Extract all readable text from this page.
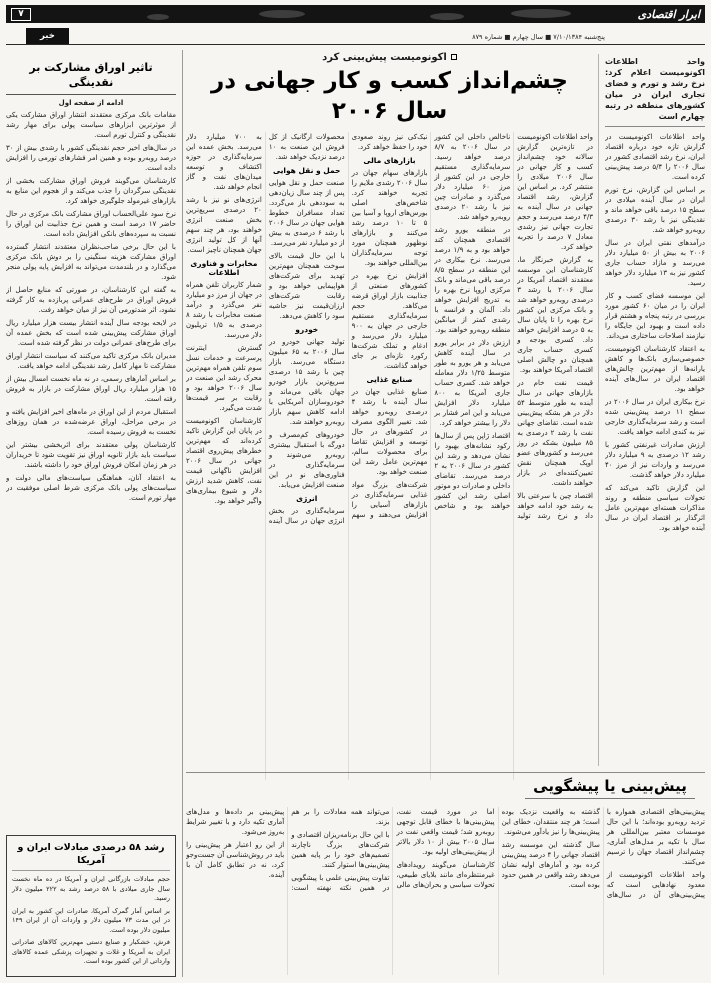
ابرار اقتصادی
۷
پنج‌شنبه ۷/۱۰/۱۳۸۴ ■ سال چهارم ■ شماره ۸۷۹
خبر

واحد اطلاعات اکونومیست اعلام کرد: نرخ رشد و تورم و فضای تجاری ایران در میان کشورهای منطقه در رتبه چهارم است

واحد اطلاعات اکونومیست در گزارش تازه خود درباره اقتصاد ایران، نرخ رشد اقتصادی کشور در سال ۲۰۰۶ را ۵/۴ درصد پیش‌بینی کرده است.

بر اساس این گزارش، نرخ تورم ایران در سال آینده میلادی در سطح ۱۵ درصد باقی خواهد ماند و نقدینگی نیز با رشد ۳۰ درصدی روبه‌رو خواهد شد.

درآمدهای نفتی ایران در سال ۲۰۰۶ به بیش از ۵۰ میلیارد دلار می‌رسد و مازاد حساب جاری کشور نیز به ۱۳ میلیارد دلار خواهد رسید.

این موسسه فضای کسب و کار ایران را در میان ۶۰ کشور مورد بررسی در رتبه پنجاه و هشتم قرار داده است و بهبود این جایگاه را نیازمند اصلاحات ساختاری می‌داند.

به اعتقاد کارشناسان اکونومیست، خصوصی‌سازی بانک‌ها و کاهش یارانه‌ها از مهم‌ترین چالش‌های اقتصاد ایران در سال‌های آینده خواهد بود.

نرخ بیکاری ایران در سال ۲۰۰۶ در سطح ۱۱ درصد پیش‌بینی شده است و رشد سرمایه‌گذاری خارجی نیز به کندی ادامه خواهد یافت.

ارزش صادرات غیرنفتی کشور با رشد ۱۲ درصدی به ۹ میلیارد دلار می‌رسد و واردات نیز از مرز ۴۰ میلیارد دلار خواهد گذشت.

این گزارش تاکید می‌کند که تحولات سیاسی منطقه و روند مذاکرات هسته‌ای مهم‌ترین عامل اثرگذار بر اقتصاد ایران در سال آینده خواهد بود.

اکونومیست پیش‌بینی کرد
چشم‌انداز کسب و کار جهانی در سال ۲۰۰۶

واحد اطلاعات اکونومیست در تازه‌ترین گزارش سالانه خود چشم‌انداز کسب و کار جهانی در سال ۲۰۰۶ میلادی را منتشر کرد. بر اساس این گزارش، رشد اقتصاد جهانی در سال آینده به ۴/۳ درصد می‌رسد و حجم تجارت جهانی نیز رشدی معادل ۷ درصد را تجربه خواهد کرد.

به گزارش خبرنگار ما، کارشناسان این موسسه معتقدند اقتصاد آمریکا در سال ۲۰۰۶ با رشد ۳ درصدی روبه‌رو خواهد شد و بانک مرکزی این کشور نرخ بهره را تا پایان سال به ۵ درصد افزایش خواهد داد. کسری بودجه و کسری حساب جاری همچنان دو چالش اصلی اقتصاد آمریکا خواهند بود.

قیمت نفت خام در بازارهای جهانی در سال آینده به طور متوسط ۵۴ دلار در هر بشکه پیش‌بینی شده است. تقاضای جهانی نفت با رشد ۲ درصدی به ۸۵ میلیون بشکه در روز می‌رسد و کشورهای عضو اوپک همچنان نقش تعیین‌کننده‌ای در بازار خواهند داشت.

اقتصاد چین با سرعتی بالا به رشد خود ادامه خواهد داد و نرخ رشد تولید ناخالص داخلی این کشور در سال ۲۰۰۶ به ۸/۷ درصد خواهد رسید. سرمایه‌گذاری مستقیم خارجی در این کشور از مرز ۶۰ میلیارد دلار می‌گذرد و صادرات چین نیز با رشد ۲۰ درصدی روبه‌رو خواهد شد.

در منطقه یورو رشد اقتصادی همچنان کند خواهد بود و به ۱/۹ درصد می‌رسد. نرخ بیکاری در این منطقه در سطح ۸/۵ درصد باقی می‌ماند و بانک مرکزی اروپا نرخ بهره را به تدریج افزایش خواهد داد. آلمان و فرانسه با رشدی کمتر از میانگین منطقه روبه‌رو خواهند بود.

ارزش دلار در برابر یورو در سال آینده کاهش می‌یابد و هر یورو به طور متوسط ۱/۲۵ دلار معامله خواهد شد. کسری حساب جاری آمریکا به ۸۰۰ میلیارد دلار افزایش می‌یابد و این امر فشار بر دلار را بیشتر خواهد کرد.

اقتصاد ژاپن پس از سال‌ها رکود نشانه‌های بهبود را نشان می‌دهد و رشد این کشور در سال ۲۰۰۶ به ۲ درصد می‌رسد. تقاضای داخلی و صادرات دو موتور اصلی رشد این کشور خواهند بود و شاخص نیک‌کی نیز روند صعودی خود را حفظ خواهد کرد.

بازارهای مالی

بازارهای سهام جهان در سال ۲۰۰۶ رشدی ملایم را تجربه خواهند کرد. شاخص‌های اصلی بورس‌های اروپا و آسیا بین ۵ تا ۱۰ درصد رشد می‌کنند و بازارهای نوظهور همچنان مورد توجه سرمایه‌گذاران بین‌المللی خواهند بود.

افزایش نرخ بهره در کشورهای صنعتی از جذابیت بازار اوراق قرضه می‌کاهد. حجم سرمایه‌گذاری مستقیم خارجی در جهان به ۹۰۰ میلیارد دلار می‌رسد و ادغام و تملک شرکت‌ها رکورد تازه‌ای بر جای خواهد گذاشت.

صنایع غذایی

صنایع غذایی جهان در سال آینده با رشد ۴ درصدی روبه‌رو خواهد شد. تغییر الگوی مصرف در کشورهای در حال توسعه و افزایش تقاضا برای محصولات سالم، مهم‌ترین عامل رشد این صنعت خواهد بود.

شرکت‌های بزرگ مواد غذایی سرمایه‌گذاری در بازارهای آسیایی را افزایش می‌دهند و سهم محصولات ارگانیک از کل فروش این صنعت به ۱۰ درصد نزدیک خواهد شد.

حمل و نقل هوایی

صنعت حمل و نقل هوایی پس از چند سال زیان‌دهی به سوددهی باز می‌گردد. تعداد مسافران خطوط هوایی جهان در سال ۲۰۰۶ با رشد ۶ درصدی به بیش از دو میلیارد نفر می‌رسد.

با این حال قیمت بالای سوخت همچنان مهم‌ترین تهدید برای شرکت‌های هواپیمایی خواهد بود و رقابت شرکت‌های ارزان‌قیمت نیز حاشیه سود را کاهش می‌دهد.

خودرو

تولید جهانی خودرو در سال ۲۰۰۶ به ۶۵ میلیون دستگاه می‌رسد. بازار چین با رشد ۱۵ درصدی سریع‌ترین بازار خودرو جهان باقی می‌ماند و خودروسازان آمریکایی با ادامه کاهش سهم بازار روبه‌رو خواهند شد.

خودروهای کم‌مصرف و دورگه با استقبال بیشتری روبه‌رو می‌شوند و سرمایه‌گذاری در فناوری‌های نو در این صنعت افزایش می‌یابد.

انرژی

سرمایه‌گذاری در بخش انرژی جهان در سال آینده به ۷۰۰ میلیارد دلار می‌رسد. بخش عمده این سرمایه‌گذاری در حوزه اکتشاف و توسعه میدان‌های نفت و گاز انجام خواهد شد.

انرژی‌های نو نیز با رشد ۲۰ درصدی سریع‌ترین بخش صنعت انرژی خواهند بود، هر چند سهم آنها از کل تولید انرژی جهان همچنان ناچیز است.

مخابرات و فناوری اطلاعات

شمار کاربران تلفن همراه در جهان از مرز دو میلیارد نفر می‌گذرد و درآمد صنعت مخابرات با رشد ۸ درصدی به ۱/۵ تریلیون دلار می‌رسد.

گسترش اینترنت پرسرعت و خدمات نسل سوم تلفن همراه مهم‌ترین محرک رشد این صنعت در سال ۲۰۰۶ خواهد بود و رقابت بر سر قیمت‌ها شدت می‌گیرد.

کارشناسان اکونومیست در پایان این گزارش تاکید کرده‌اند که مهم‌ترین خطرهای پیش‌روی اقتصاد جهانی در سال ۲۰۰۶ افزایش ناگهانی قیمت نفت، کاهش شدید ارزش دلار و شیوع بیماری‌های واگیر خواهد بود.

تاثیر اوراق مشارکت بر نقدینگی

ادامه از صفحه اول

مقامات بانک مرکزی معتقدند انتشار اوراق مشارکت یکی از موثرترین ابزارهای سیاست پولی برای مهار رشد نقدینگی و کنترل تورم است.

در سال‌های اخیر حجم نقدینگی کشور با رشدی بیش از ۳۰ درصد روبه‌رو بوده و همین امر فشارهای تورمی را افزایش داده است.

کارشناسان می‌گویند فروش اوراق مشارکت بخشی از نقدینگی سرگردان را جذب می‌کند و از هجوم این منابع به بازارهای غیرمولد جلوگیری خواهد کرد.

نرخ سود علی‌الحساب اوراق مشارکت بانک مرکزی در حال حاضر ۱۷ درصد است و همین نرخ جذابیت این اوراق را نسبت به سپرده‌های بانکی افزایش داده است.

با این حال برخی صاحب‌نظران معتقدند انتشار گسترده اوراق مشارکت هزینه سنگینی را بر دوش بانک مرکزی می‌گذارد و در بلندمدت می‌تواند به افزایش پایه پولی منجر شود.

به گفته این کارشناسان، در صورتی که منابع حاصل از فروش اوراق در طرح‌های عمرانی پربازده به کار گرفته نشود، اثر ضدتورمی آن نیز از میان خواهد رفت.

در لایحه بودجه سال آینده انتشار بیست هزار میلیارد ریال اوراق مشارکت پیش‌بینی شده است که بخش عمده آن برای طرح‌های عمرانی دولت در نظر گرفته شده است.

مدیران بانک مرکزی تاکید می‌کنند که سیاست انتشار اوراق مشارکت تا مهار کامل رشد نقدینگی ادامه خواهد یافت.

بر اساس آمارهای رسمی، در نه ماه نخست امسال بیش از ۱۵ هزار میلیارد ریال اوراق مشارکت در بازار به فروش رفته است.

استقبال مردم از این اوراق در ماه‌های اخیر افزایش یافته و در برخی مراحل، اوراق عرضه‌شده در همان روزهای نخست به فروش رسیده است.

کارشناسان پولی معتقدند برای اثربخشی بیشتر این سیاست باید بازار ثانویه اوراق نیز تقویت شود تا خریداران در هر زمان امکان فروش اوراق خود را داشته باشند.

به اعتقاد آنان، هماهنگی سیاست‌های مالی دولت و سیاست‌های پولی بانک مرکزی شرط اصلی موفقیت در مهار تورم است.

پیش‌بینی یا پیشگویی

پیش‌بینی‌های اقتصادی همواره با تردید روبه‌رو بوده‌اند؛ با این حال موسسات معتبر بین‌المللی هر سال با تکیه بر مدل‌های آماری، چشم‌انداز اقتصاد جهان را ترسیم می‌کنند.

واحد اطلاعات اکونومیست از معدود نهادهایی است که پیش‌بینی‌های آن در سال‌های گذشته به واقعیت نزدیک بوده است؛ هر چند منتقدان، خطای این پیش‌بینی‌ها را نیز یادآور می‌شوند.

سال گذشته این موسسه رشد اقتصاد جهانی را ۴ درصد پیش‌بینی کرده بود و آمارهای اولیه نشان می‌دهد رشد واقعی در همین حدود بوده است.

اما در مورد قیمت نفت، پیش‌بینی‌ها با خطای قابل توجهی روبه‌رو شد؛ قیمت واقعی نفت در سال ۲۰۰۵ بیش از ۱۰ دلار بالاتر از پیش‌بینی‌های اولیه بود.

کارشناسان می‌گویند رویدادهای غیرمنتظره‌ای مانند بلایای طبیعی، تحولات سیاسی و بحران‌های مالی می‌تواند همه معادلات را بر هم بزند.

با این حال برنامه‌ریزان اقتصادی و شرکت‌های بزرگ ناچارند تصمیم‌های خود را بر پایه همین پیش‌بینی‌ها استوار کنند.

تفاوت پیش‌بینی علمی با پیشگویی در همین نکته نهفته است: پیش‌بینی بر داده‌ها و مدل‌های آماری تکیه دارد و با تغییر شرایط به‌روز می‌شود.

از این رو اعتبار هر پیش‌بینی را باید در روش‌شناسی آن جست‌وجو کرد، نه در تطابق کامل آن با آینده.

رشد ۵۸ درصدی مبادلات ایران و آمریکا

حجم مبادلات بازرگانی ایران و آمریکا در ده ماه نخست سال جاری میلادی با ۵۸ درصد رشد به ۲۲۲ میلیون دلار رسید.

بر اساس آمار گمرک آمریکا، صادرات این کشور به ایران در این مدت ۷۳ میلیون دلار و واردات آن از ایران ۱۴۹ میلیون دلار بوده است.

فرش، خشکبار و صنایع دستی مهم‌ترین کالاهای صادراتی ایران به آمریکا و غلات و تجهیزات پزشکی عمده کالاهای وارداتی از این کشور بوده است.
